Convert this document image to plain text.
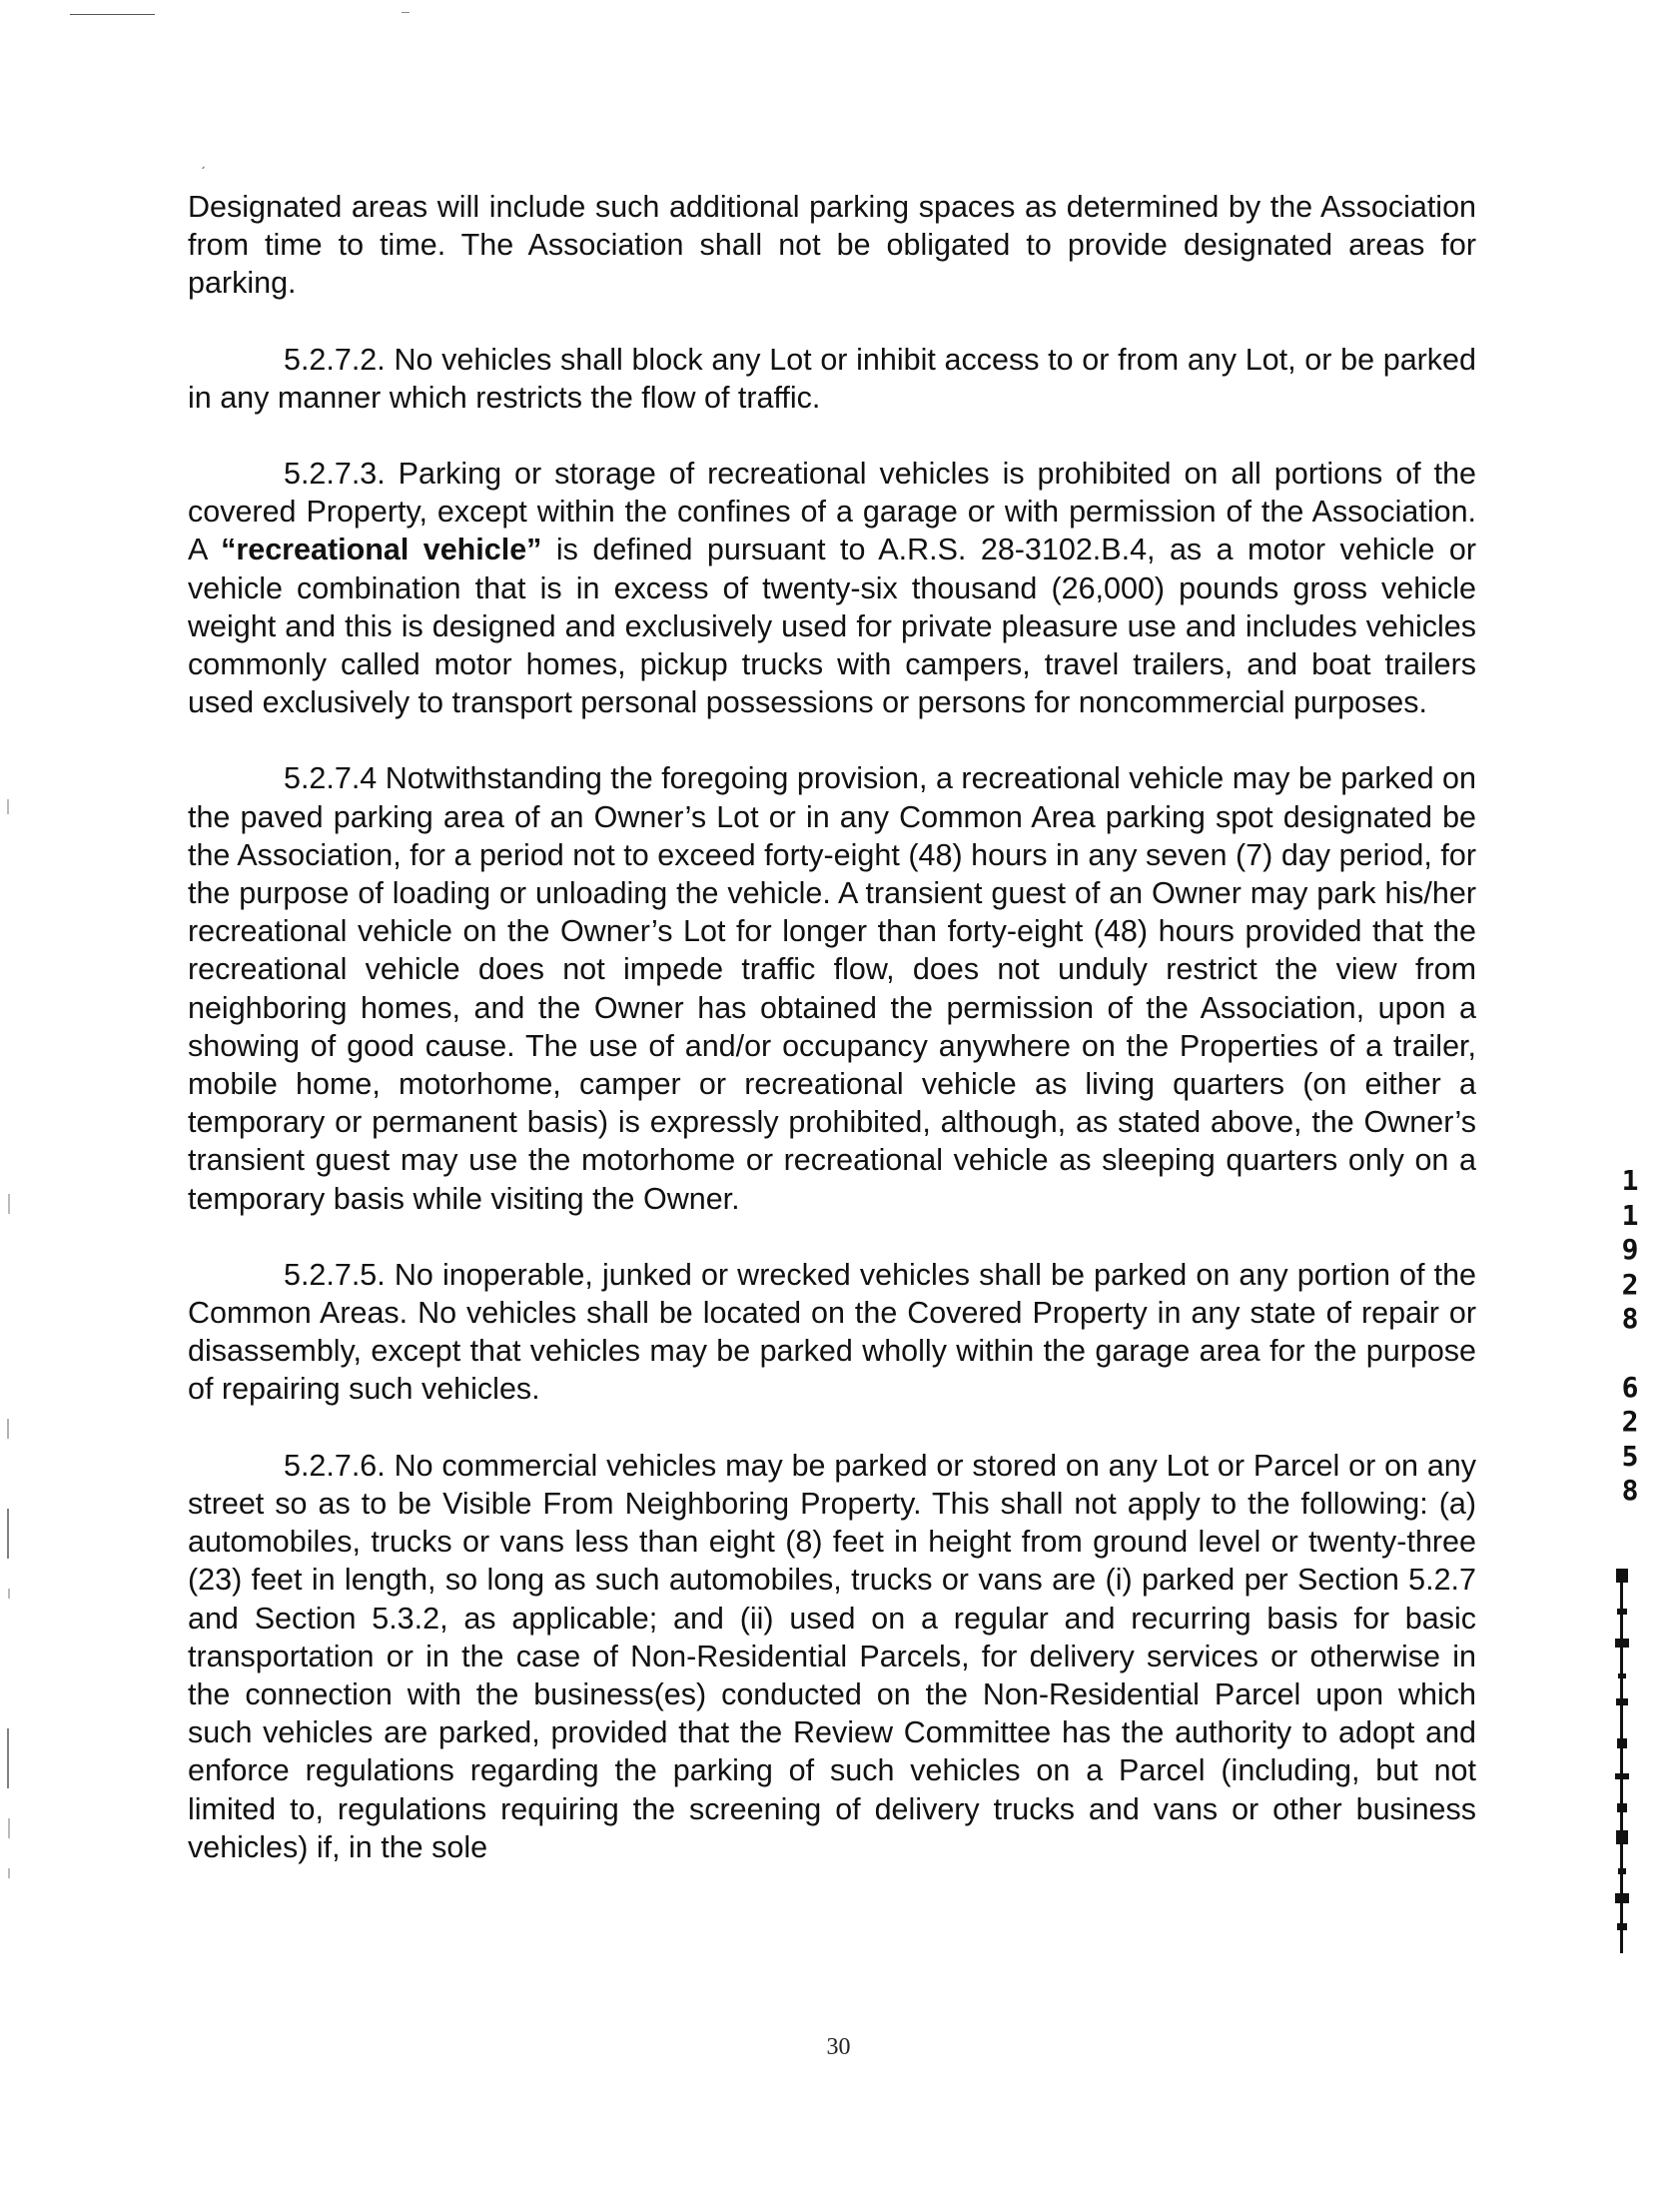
ˏ

Designated areas will include such additional parking spaces as determined by the Association from time to time. The Association shall not be obligated to provide designated areas for parking.

5.2.7.2. No vehicles shall block any Lot or inhibit access to or from any Lot, or be parked in any manner which restricts the flow of traffic.

5.2.7.3. Parking or storage of recreational vehicles is prohibited on all portions of the covered Property, except within the confines of a garage or with permission of the Association. A “recreational vehicle” is defined pursuant to A.R.S. 28-3102.B.4, as a motor vehicle or vehicle combination that is in excess of twenty-six thousand (26,000) pounds gross vehicle weight and this is designed and exclusively used for private pleasure use and includes vehicles commonly called motor homes, pickup trucks with campers, travel trailers, and boat trailers used exclusively to transport personal possessions or persons for noncommercial purposes.

5.2.7.4 Notwithstanding the foregoing provision, a recreational vehicle may be parked on the paved parking area of an Owner’s Lot or in any Common Area parking spot designated be the Association, for a period not to exceed forty-eight (48) hours in any seven (7) day period, for the purpose of loading or unloading the vehicle. A transient guest of an Owner may park his/her recreational vehicle on the Owner’s Lot for longer than forty-eight (48) hours provided that the recreational vehicle does not impede traffic flow, does not unduly restrict the view from neighboring homes, and the Owner has obtained the permission of the Association, upon a showing of good cause. The use of and/or occupancy anywhere on the Properties of a trailer, mobile home, motorhome, camper or recreational vehicle as living quarters (on either a temporary or permanent basis) is expressly prohibited, although, as stated above, the Owner’s transient guest may use the motorhome or recreational vehicle as sleeping quarters only on a temporary basis while visiting the Owner.

5.2.7.5. No inoperable, junked or wrecked vehicles shall be parked on any portion of the Common Areas. No vehicles shall be located on the Covered Property in any state of repair or disassembly, except that vehicles may be parked wholly within the garage area for the purpose of repairing such vehicles.

5.2.7.6. No commercial vehicles may be parked or stored on any Lot or Parcel or on any street so as to be Visible From Neighboring Property. This shall not apply to the following: (a) automobiles, trucks or vans less than eight (8) feet in height from ground level or twenty-three (23) feet in length, so long as such automobiles, trucks or vans are (i) parked per Section 5.2.7 and Section 5.3.2, as applicable; and (ii) used on a regular and recurring basis for basic transportation or in the case of Non-Residential Parcels, for delivery services or otherwise in the connection with the business(es) conducted on the Non-Residential Parcel upon which such vehicles are parked, provided that the Review Committee has the authority to adopt and enforce regulations regarding the parking of such vehicles on a Parcel (including, but not limited to, regulations requiring the screening of delivery trucks and vans or other business vehicles) if, in the sole

30
1
1
9
2
8
6
2
5
8
